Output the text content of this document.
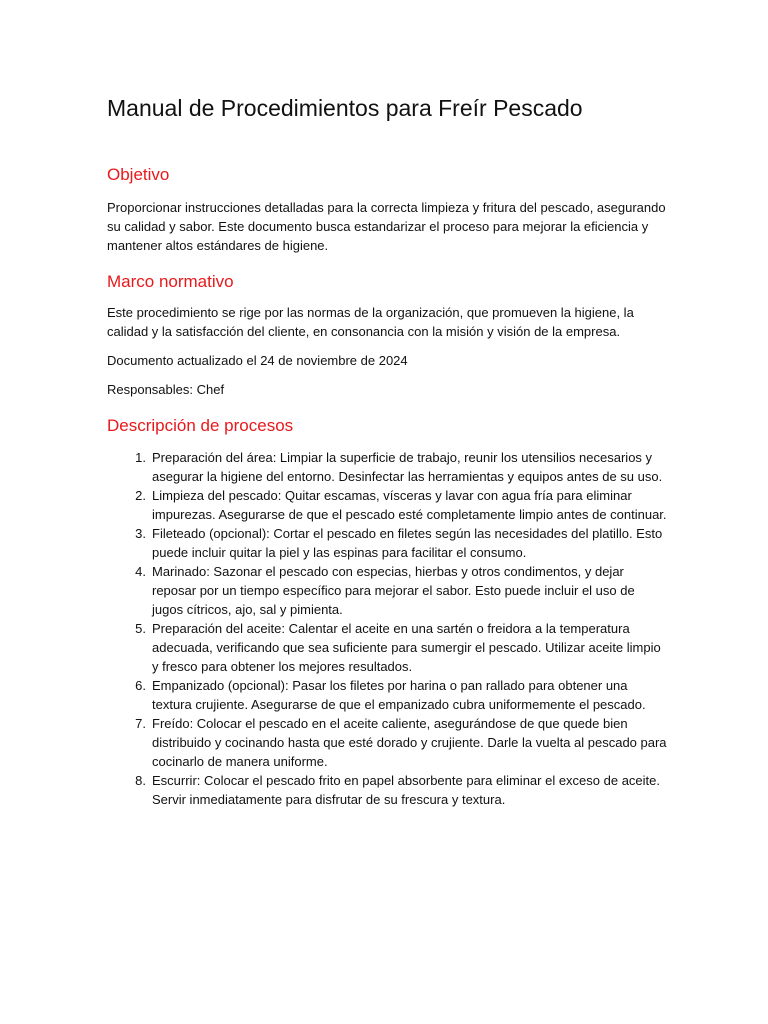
Manual de Procedimientos para Freír Pescado
Objetivo

Proporcionar instrucciones detalladas para la correcta limpieza y fritura del pescado, asegurando su calidad y sabor. Este documento busca estandarizar el proceso para mejorar la eficiencia y mantener altos estándares de higiene.

Marco normativo

Este procedimiento se rige por las normas de la organización, que promueven la higiene, la calidad y la satisfacción del cliente, en consonancia con la misión y visión de la empresa.

Documento actualizado el 24 de noviembre de 2024

Responsables: Chef

Descripción de procesos
1. Preparación del área: Limpiar la superficie de trabajo, reunir los utensilios necesarios y asegurar la higiene del entorno. Desinfectar las herramientas y equipos antes de su uso.
2. Limpieza del pescado: Quitar escamas, vísceras y lavar con agua fría para eliminar impurezas. Asegurarse de que el pescado esté completamente limpio antes de continuar.
3. Fileteado (opcional): Cortar el pescado en filetes según las necesidades del platillo. Esto puede incluir quitar la piel y las espinas para facilitar el consumo.
4. Marinado: Sazonar el pescado con especias, hierbas y otros condimentos, y dejar reposar por un tiempo específico para mejorar el sabor. Esto puede incluir el uso de jugos cítricos, ajo, sal y pimienta.
5. Preparación del aceite: Calentar el aceite en una sartén o freidora a la temperatura adecuada, verificando que sea suficiente para sumergir el pescado. Utilizar aceite limpio y fresco para obtener los mejores resultados.
6. Empanizado (opcional): Pasar los filetes por harina o pan rallado para obtener una textura crujiente. Asegurarse de que el empanizado cubra uniformemente el pescado.
7. Freído: Colocar el pescado en el aceite caliente, asegurándose de que quede bien distribuido y cocinando hasta que esté dorado y crujiente. Darle la vuelta al pescado para cocinarlo de manera uniforme.
8. Escurrir: Colocar el pescado frito en papel absorbente para eliminar el exceso de aceite. Servir inmediatamente para disfrutar de su frescura y textura.
